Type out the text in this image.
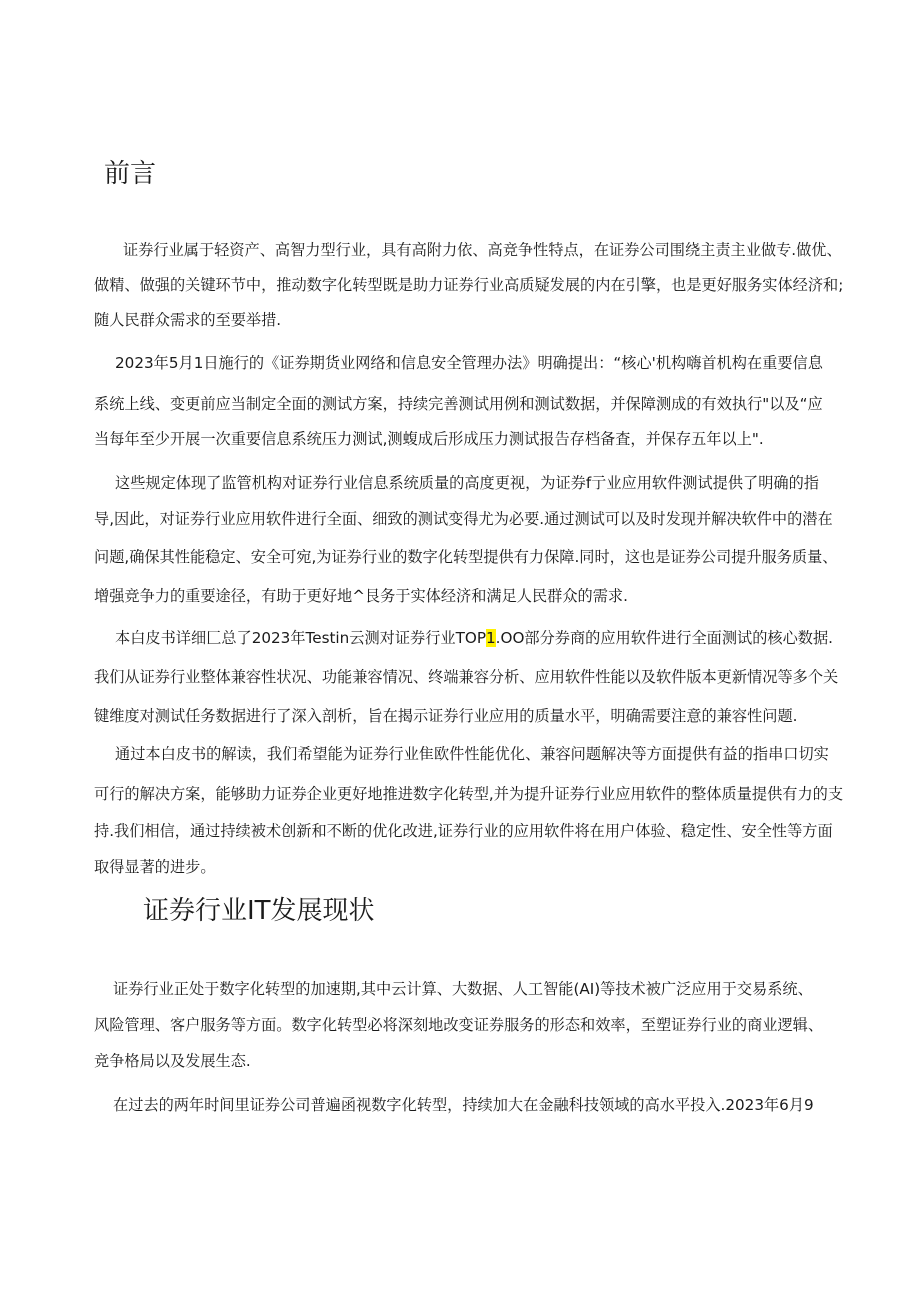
前言

证券行业属于轻资产、高智力型行业，具有高附力依、高竞争性特点，在证券公司围绕主责主业做专.做优、

做精、做强的关键环节中，推动数字化转型既是助力证券行业高质疑发展的内在引擎，也是更好服务实体经济和;

随人民群众需求的至要举措.

2023年5月1日施行的《证券期货业网络和信息安全管理办法》明确提出：“核心'机构嗨首机构在重要信息

系统上线、变更前应当制定全面的测试方案，持续完善测试用例和测试数据，并保障测成的有效执行"以及“应

当每年至少开展一次重要信息系统压力测试,测蝮成后形成压力测试报告存档备査，并保存五年以上".

这些规定体现了监管机构对证券行业信息系统质量的高度更视，为证券f亍业应用软件测试提供了明确的指

导,因此，对证券行业应用软件进行全面、细致的测试变得尤为必要.通过测试可以及时发现并解决软件中的潜在

问题,确保其性能稳定、安全可宛,为证券行业的数字化转型提供有力保障.同时，这也是证券公司提升服务质量、

增强竞争力的重要途径，有助于更好地^艮务于实体经济和满足人民群众的需求.

本白皮书详细匚总了2023年Testin云测对证券行业TOP1.OO部分券商的应用软件进行全面测试的核心数据.

我们从证券行业整体兼容性状况、功能兼容情况、终端兼容分析、应用软件性能以及软件版本更新情况等多个关

键维度对测试任务数据进行了深入剖析，旨在揭示证券行业应用的质量水平，明确需要注意的兼容性问题.

通过本白皮书的解读，我们希望能为证券行业隹欧件性能优化、兼容问题解决等方面提供有益的指串口切实

可行的解决方案，能够助力证券企业更好地推进数字化转型,并为提升证券行业应用软件的整体质量提供有力的支

持.我们相信，通过持续被术创新和不断的优化改进,证券行业的应用软件将在用户体验、稳定性、安全性等方面

取得显著的进步。

证券行业IT发展现状

证券行业正处于数字化转型的加速期,其中云计算、大数据、人工智能(AI)等技术被广泛应用于交易系统、

风险管理、客户服务等方面。数字化转型必将深刻地改变证券服务的形态和效率，至塑证券行业的商业逻辑、

竞争格局以及发展生态.

在过去的两年时间里证券公司普遍函视数字化转型，持续加大在金融科技领域的高水平投入.2023年6月9
